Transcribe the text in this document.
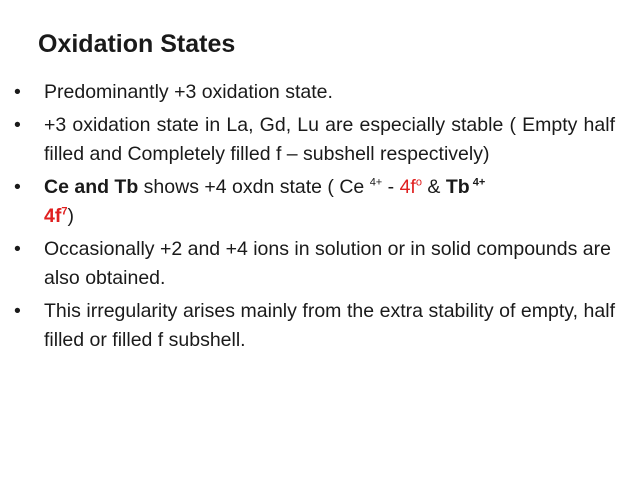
Oxidation States
• Predominantly +3 oxidation state.
• +3 oxidation state in La, Gd, Lu are especially stable ( Empty half filled and Completely filled f – subshell respectively)
• Ce and Tb shows +4 oxdn state ( Ce $^{4+} - 4f^o$ & Tb $^{4+}$
$4f^7$)
• Occasionally +2 and +4 ions in solution or in solid compounds are also obtained.
• This irregularity arises mainly from the extra stability of empty, half filled or filled f subshell.
